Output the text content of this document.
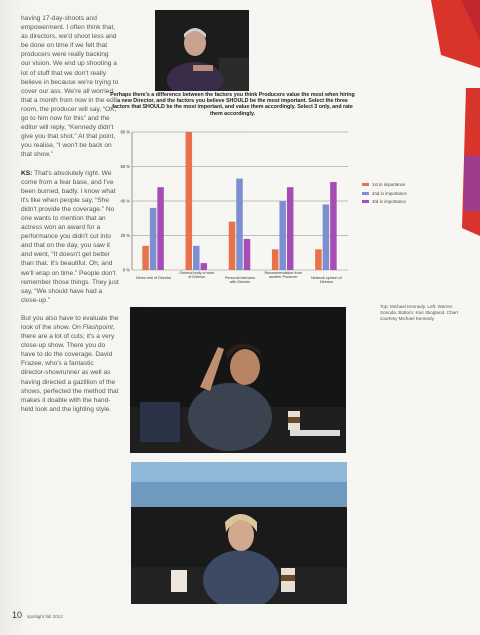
having 17-day-shoots and empowerment. I often think that, as directors, we'd shoot less and be done on time if we felt that producers were really backing our vision. We end up shooting a lot of stuff that we don't really believe in because we're trying to cover our ass. We're all worried that a month from now in the edit room, the producer will say, “OK, go to him now for this” and the editor will reply, “Kennedy didn't give you that shot.” At that point, you realise, “I won't be back on that show.”

KS: That's absolutely right. We come from a fear base, and I've been burned, badly. I know what it's like when people say, “She didn't provide the coverage.” No one wants to mention that an actress won an award for a performance you didn't cut into and that on the day, you saw it and went, “It doesn't get better than that. It's beautiful. Oh, and we'll wrap on time.” People don't remember those things. They just say, “We should have had a close-up.”

But you also have to evaluate the look of the show. On Flashpoint, there are a lot of cuts; it's a very close-up show. There you do have to do the coverage. David Frazee, who's a fantastic director-showrunner as well as having directed a gazillion of the shows, perfected the method that makes it doable with the hand-held look and the lighting style.

Perhaps there's a difference between the factors you think Producers value the most when hiring a new Director, and the factors you believe SHOULD be the most important. Select the three factors that SHOULD be the most important, and value them accordingly. Select 3 only, and rate them accordingly.
0 %
20 %
40 %
60 %
80 %
Demo reel of Director
General body of work of Director	Personal interview with Director
Recommendation from another Producer	Network opinion of Director
1st in importance
2nd in importance
3rd in importance
Top: Michael Kennedy. Left: Warren Sonoda. Bottom: Kari Skogland. Chart courtesy Michael Kennedy
10 spotlight fall 2012
